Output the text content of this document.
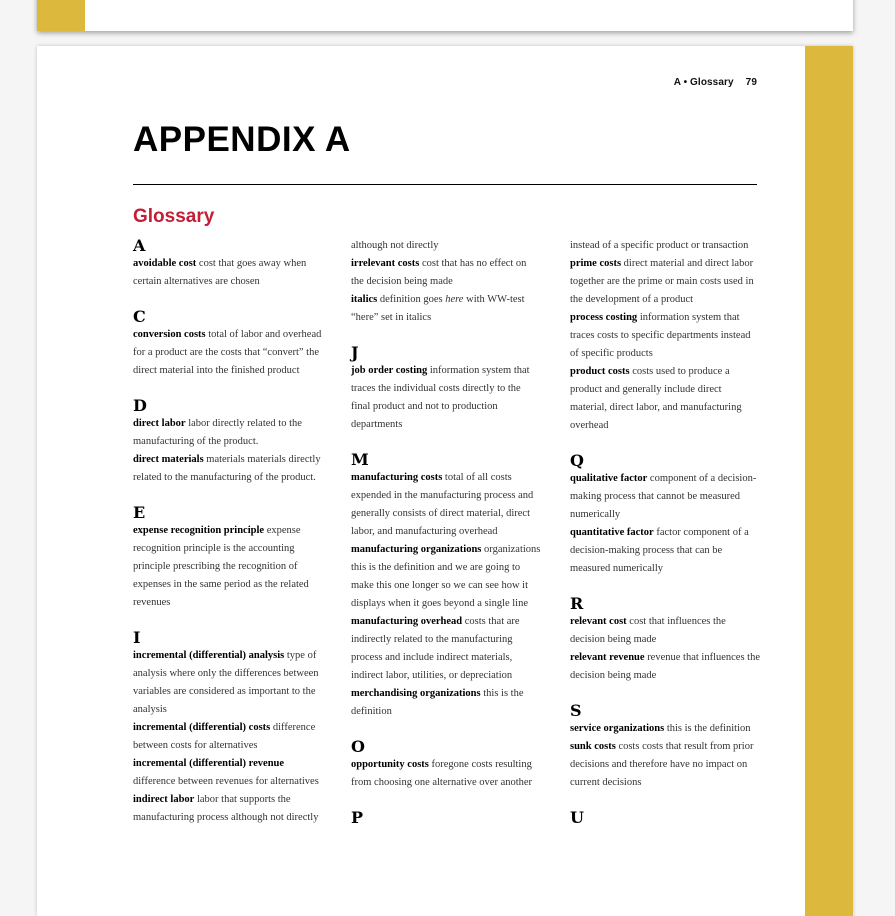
A • Glossary 79
APPENDIX A
Glossary
A

avoidable cost cost that goes away when certain alternatives are chosen

C

conversion costs total of labor and overhead for a product are the costs that “convert” the direct material into the finished product

D

direct labor labor directly related to the manufacturing of the product.

direct materials materials materials directly related to the manufacturing of the product.

E

expense recognition principle expense recognition principle is the accounting principle prescribing the recognition of expenses in the same period as the related revenues

I

incremental (differential) analysis type of analysis where only the differences between variables are considered as important to the analysis

incremental (differential) costs difference between costs for alternatives

incremental (differential) revenue difference between revenues for alternatives

indirect labor labor that supports the manufacturing process although not directly

although not directly

irrelevant costs cost that has no effect on the decision being made

italics definition goes here with WW-test “here” set in italics

J

job order costing information system that traces the individual costs directly to the final product and not to production departments

M

manufacturing costs total of all costs expended in the manufacturing process and generally consists of direct material, direct labor, and manufacturing overhead

manufacturing organizations organizations this is the definition and we are going to make this one longer so we can see how it displays when it goes beyond a single line

manufacturing overhead costs that are indirectly related to the manufacturing process and include indirect materials, indirect labor, utilities, or depreciation

merchandising organizations this is the definition

O

opportunity costs foregone costs resulting from choosing one alternative over another

P

instead of a specific product or transaction

prime costs direct material and direct labor together are the prime or main costs used in the development of a product

process costing information system that traces costs to specific departments instead of specific products

product costs costs used to produce a product and generally include direct material, direct labor, and manufacturing overhead

Q

qualitative factor component of a decision-making process that cannot be measured numerically

quantitative factor factor component of a decision-making process that can be measured numerically

R

relevant cost cost that influences the decision being made

relevant revenue revenue that influences the decision being made

S

service organizations this is the definition

sunk costs costs costs that result from prior decisions and therefore have no impact on current decisions

U
